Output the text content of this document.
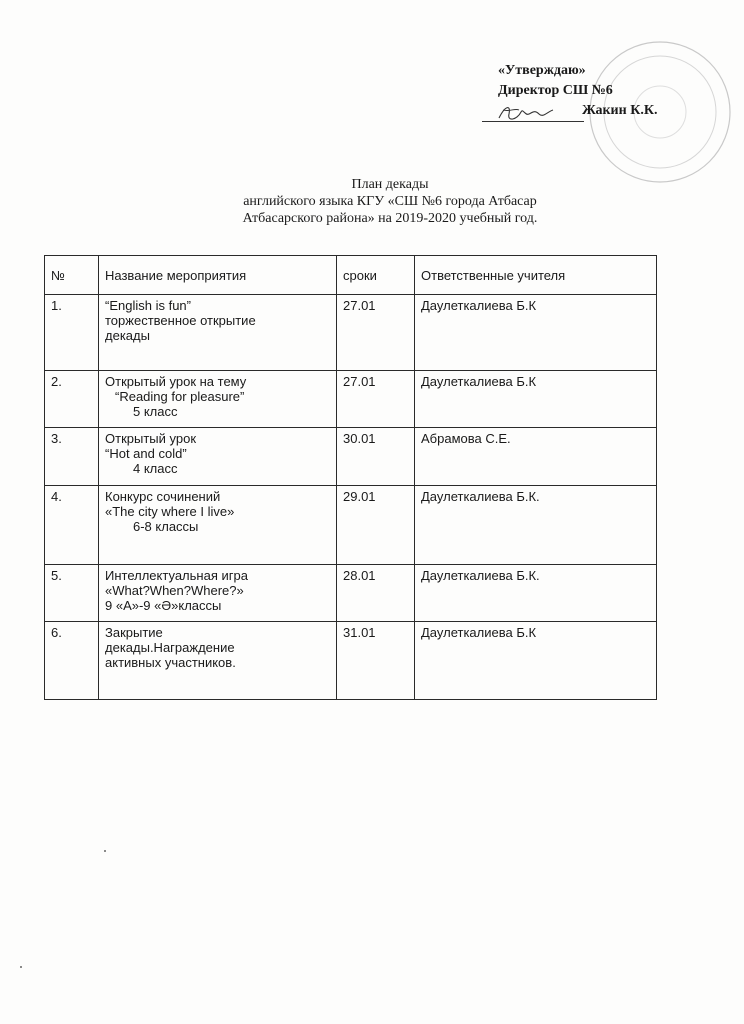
«Утверждаю»
Директор СШ №6
Жакин К.К.
План декады
английского языка КГУ «СШ №6 города Атбасар
Атбасарского района» на 2019-2020 учебный год.
№	Название мероприятия	сроки	Ответственные учителя
1.	“English is fun”
торжественное открытие
декады	27.01	Даулеткалиева Б.К
2.	Открытый урок на тему
“Reading for pleasure”
5 класс	27.01	Даулеткалиева Б.К
3.	Открытый урок
“Hot and cold”
4 класс	30.01	Абрамова С.Е.
4.	Конкурс сочинений
«The city where I live»
6-8 классы	29.01	Даулеткалиева Б.К.
5.	Интеллектуальная игра
«What?When?Where?»
9 «А»-9 «Ә»классы	28.01	Даулеткалиева Б.К.
6.	Закрытие
декады.Награждение
активных участников.	31.01	Даулеткалиева Б.К
